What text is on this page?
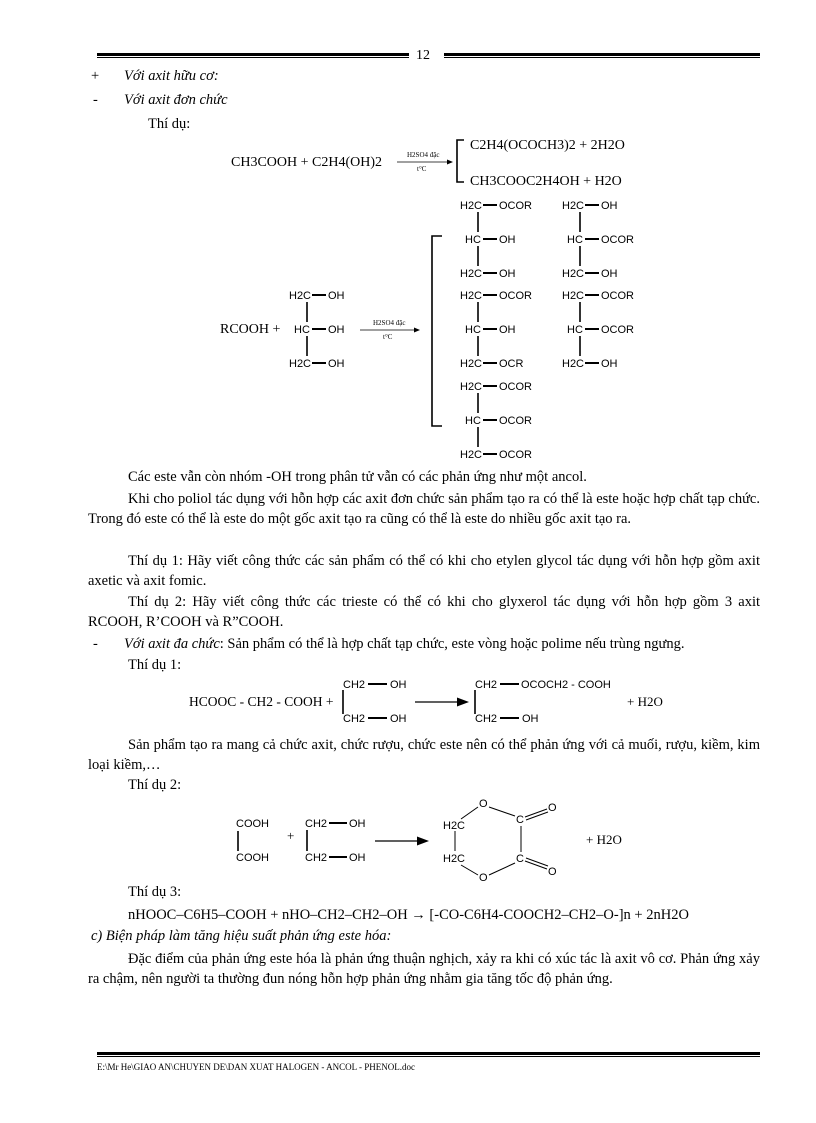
12
+ Với axit hữu cơ:
- Với axit đơn chức
Thí dụ:
CH3COOH + C2H4(OH)2	H2SO4 đặc
t°C
C2H4(OCOCH3)2 + 2H2O
CH3COOC2H4OH + H2O
RCOOH +
H2C OH
HC OH
H2C OH
H2SO4 đặc
t°C
H2C OCOR
HC OH
H2C OH
H2C OH
HC OCOR
H2C OH
H2C OCOR
HC OH
H2C OCR
H2C OCOR
HC OCOR
H2C OH
H2C OCOR
HC OCOR
H2C OCOR
Các este vẫn còn nhóm -OH trong phân tử vẫn có các phản ứng như một ancol.
Khi cho poliol tác dụng với hỗn hợp các axit đơn chức sản phẩm tạo ra có thể là este hoặc hợp chất tạp chức. Trong đó este có thể là este do một gốc axit tạo ra cũng có thể là este do nhiều gốc axit tạo ra.
Thí dụ 1: Hãy viết công thức các sản phẩm có thể có khi cho etylen glycol tác dụng với hỗn hợp gồm axit axetic và axit fomic.
Thí dụ 2: Hãy viết công thức các trieste có thể có khi cho glyxerol tác dụng với hỗn hợp gồm 3 axit RCOOH, R’COOH và R”COOH.
- Với axit đa chức: Sản phẩm có thể là hợp chất tạp chức, este vòng hoặc polime nếu trùng ngưng.
Thí dụ 1:
HCOOC - CH2 - COOH +
CH2 OH
CH2 OH
CH2 OCOCH2 - COOH
CH2 OH
+ H2O
Sản phẩm tạo ra mang cả chức axit, chức rượu, chức este nên có thể phản ứng với cả muối, rượu, kiềm, kim loại kiềm,…
Thí dụ 2:
COOH
COOH
+
CH2 OH
CH2 OH
H2C
H2C
O
O
C
C
O
O
+ H2O
Thí dụ 3:
nHOOC–C6H5–COOH + nHO–CH2–CH2–OH → [-CO-C6H4-COOCH2–CH2–O-]n + 2nH2O
c) Biện pháp làm tăng hiệu suất phản ứng este hóa:
Đặc điểm của phản ứng este hóa là phản ứng thuận nghịch, xảy ra khi có xúc tác là axit vô cơ. Phản ứng xảy ra chậm, nên người ta thường đun nóng hỗn hợp phản ứng nhằm gia tăng tốc độ phản ứng.
E:\Mr He\GIAO AN\CHUYEN DE\DAN XUAT HALOGEN - ANCOL - PHENOL.doc
